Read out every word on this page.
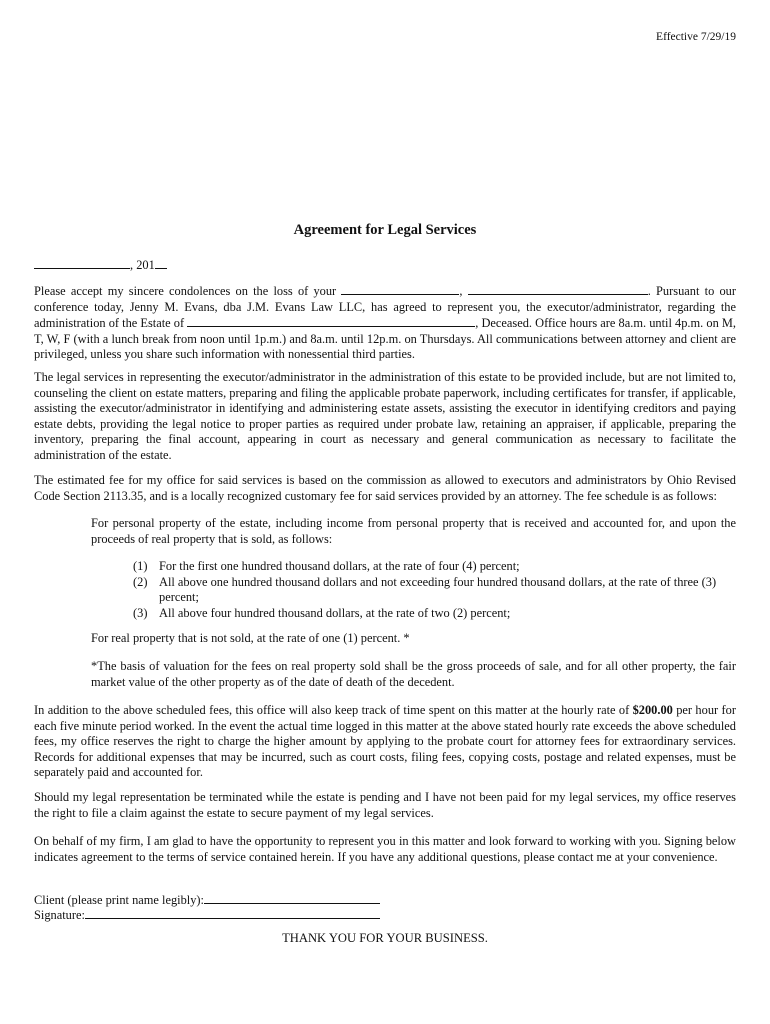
Effective 7/29/19
Agreement for Legal Services
, 201

Please accept my sincere condolences on the loss of your	,	. Pursuant to our conference today, Jenny M. Evans, dba J.M. Evans Law LLC, has agreed to represent you, the executor/administrator, regarding the administration of the Estate of	, Deceased. Office hours are 8a.m. until 4p.m. on M, T, W, F (with a lunch break from noon until 1p.m.) and 8a.m. until 12p.m. on Thursdays. All communications between attorney and client are privileged, unless you share such information with nonessential third parties.

The legal services in representing the executor/administrator in the administration of this estate to be provided include, but are not limited to, counseling the client on estate matters, preparing and filing the applicable probate paperwork, including certificates for transfer, if applicable, assisting the executor/administrator in identifying and administering estate assets, assisting the executor in identifying creditors and paying estate debts, providing the legal notice to proper parties as required under probate law, retaining an appraiser, if applicable, preparing the inventory, preparing the final account, appearing in court as necessary and general communication as necessary to facilitate the administration of the estate.

The estimated fee for my office for said services is based on the commission as allowed to executors and administrators by Ohio Revised Code Section 2113.35, and is a locally recognized customary fee for said services provided by an attorney. The fee schedule is as follows:

For personal property of the estate, including income from personal property that is received and accounted for, and upon the proceeds of real property that is sold, as follows:

(1) For the first one hundred thousand dollars, at the rate of four (4) percent;
(2) All above one hundred thousand dollars and not exceeding four hundred thousand dollars, at the rate of three (3) percent;
(3) All above four hundred thousand dollars, at the rate of two (2) percent;

For real property that is not sold, at the rate of one (1) percent. *

*The basis of valuation for the fees on real property sold shall be the gross proceeds of sale, and for all other property, the fair market value of the other property as of the date of death of the decedent.

In addition to the above scheduled fees, this office will also keep track of time spent on this matter at the hourly rate of $200.00 per hour for each five minute period worked. In the event the actual time logged in this matter at the above stated hourly rate exceeds the above scheduled fees, my office reserves the right to charge the higher amount by applying to the probate court for attorney fees for extraordinary services. Records for additional expenses that may be incurred, such as court costs, filing fees, copying costs, postage and related expenses, must be separately paid and accounted for.

Should my legal representation be terminated while the estate is pending and I have not been paid for my legal services, my office reserves the right to file a claim against the estate to secure payment of my legal services.

On behalf of my firm, I am glad to have the opportunity to represent you in this matter and look forward to working with you. Signing below indicates agreement to the terms of service contained herein. If you have any additional questions, please contact me at your convenience.

Client (please print name legibly):
Signature:
THANK YOU FOR YOUR BUSINESS.
